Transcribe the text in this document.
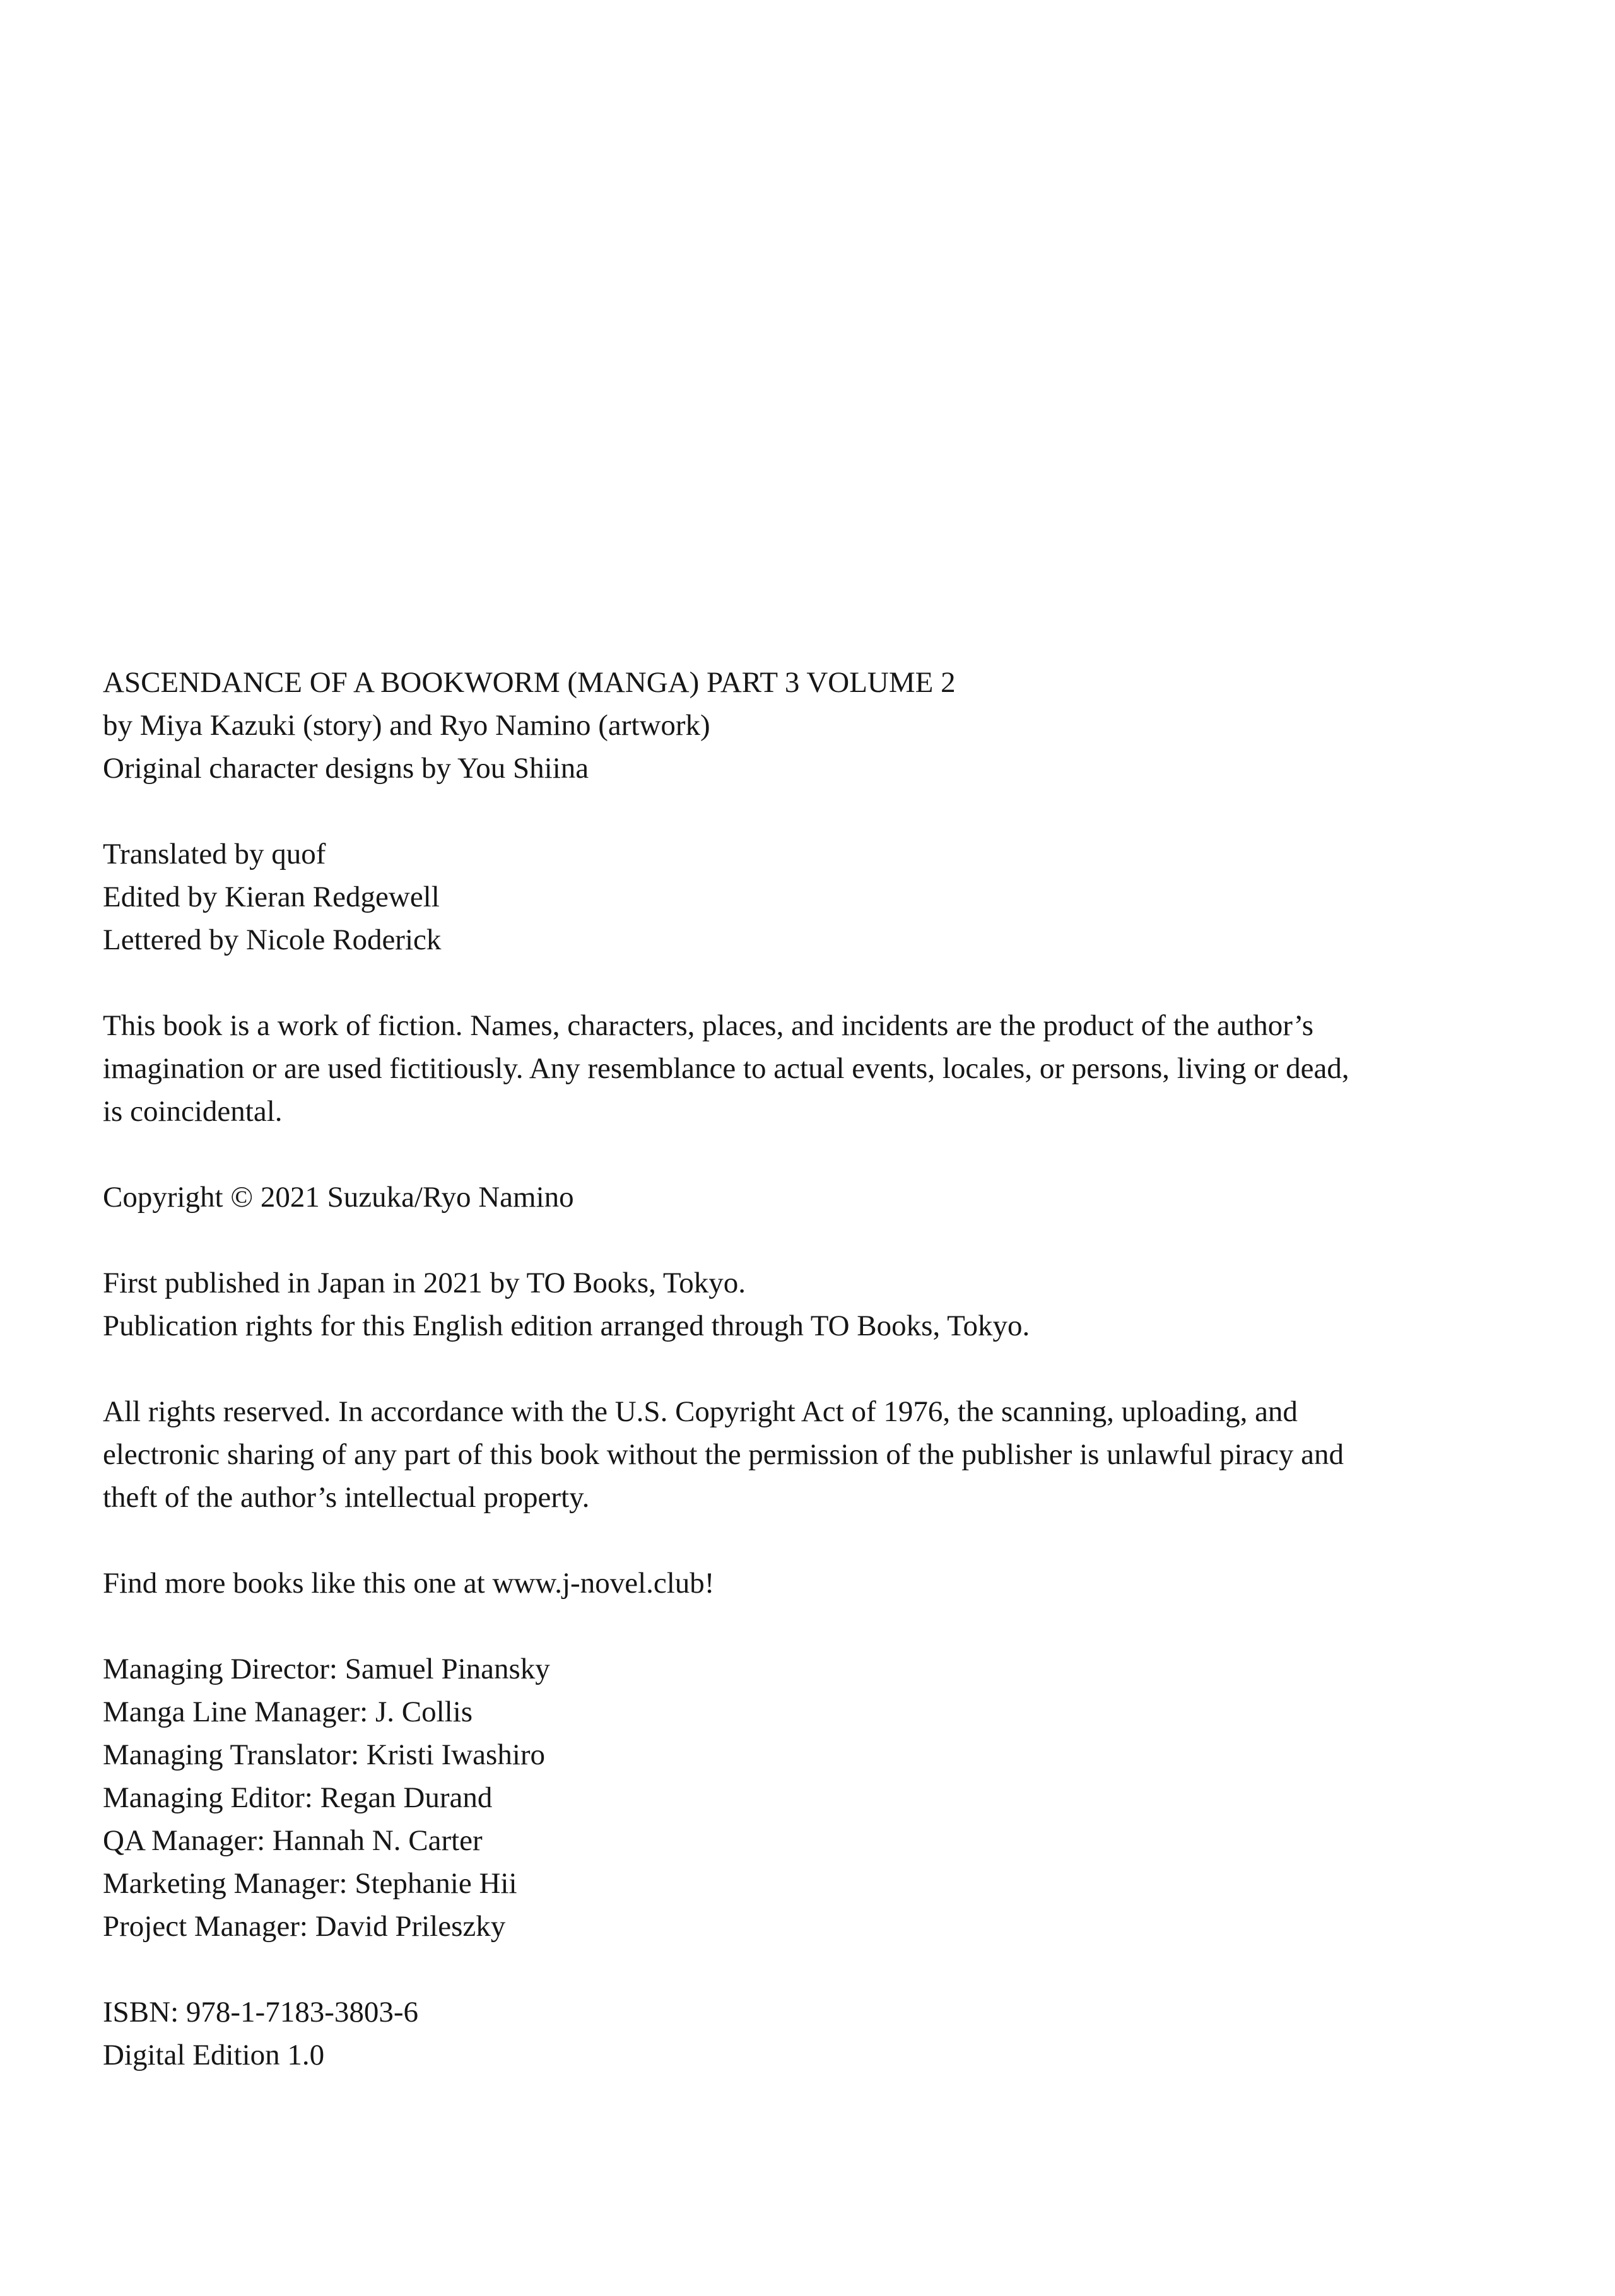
ASCENDANCE OF A BOOKWORM (MANGA) PART 3 VOLUME 2
by Miya Kazuki (story) and Ryo Namino (artwork)
Original character designs by You Shiina
Translated by quof
Edited by Kieran Redgewell
Lettered by Nicole Roderick
This book is a work of fiction. Names, characters, places, and incidents are the product of the author’s imagination or are used fictitiously. Any resemblance to actual events, locales, or persons, living or dead, is coincidental.
Copyright © 2021 Suzuka/Ryo Namino
First published in Japan in 2021 by TO Books, Tokyo.
Publication rights for this English edition arranged through TO Books, Tokyo.
All rights reserved. In accordance with the U.S. Copyright Act of 1976, the scanning, uploading, and electronic sharing of any part of this book without the permission of the publisher is unlawful piracy and theft of the author’s intellectual property.
Find more books like this one at www.j-novel.club!
Managing Director: Samuel Pinansky
Manga Line Manager: J. Collis
Managing Translator: Kristi Iwashiro
Managing Editor: Regan Durand
QA Manager: Hannah N. Carter
Marketing Manager: Stephanie Hii
Project Manager: David Prileszky
ISBN: 978-1-7183-3803-6
Digital Edition 1.0
